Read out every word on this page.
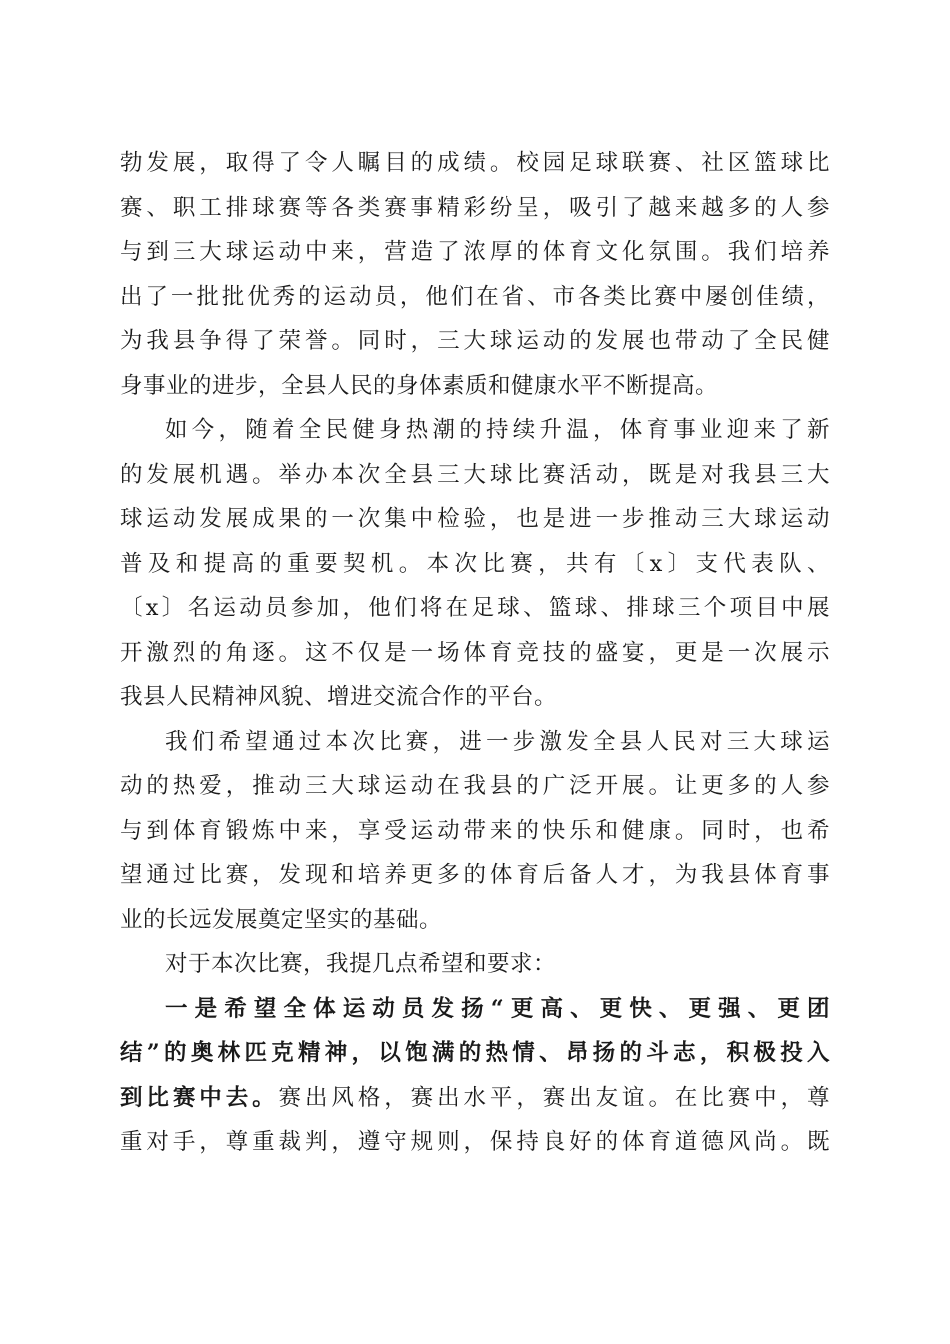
勃发展，取得了令人瞩目的成绩。校园足球联赛、社区篮球比
赛、职工排球赛等各类赛事精彩纷呈，吸引了越来越多的人参
与到三大球运动中来，营造了浓厚的体育文化氛围。我们培养
出了一批批优秀的运动员，他们在省、市各类比赛中屡创佳绩，
为我县争得了荣誉。同时，三大球运动的发展也带动了全民健
身事业的进步，全县人民的身体素质和健康水平不断提高。
如今，随着全民健身热潮的持续升温，体育事业迎来了新
的发展机遇。举办本次全县三大球比赛活动，既是对我县三大
球运动发展成果的一次集中检验，也是进一步推动三大球运动
普及和提高的重要契机。本次比赛，共有〔x〕支代表队、
〔x〕名运动员参加，他们将在足球、篮球、排球三个项目中展
开激烈的角逐。这不仅是一场体育竞技的盛宴，更是一次展示
我县人民精神风貌、增进交流合作的平台。
我们希望通过本次比赛，进一步激发全县人民对三大球运
动的热爱，推动三大球运动在我县的广泛开展。让更多的人参
与到体育锻炼中来，享受运动带来的快乐和健康。同时，也希
望通过比赛，发现和培养更多的体育后备人才，为我县体育事
业的长远发展奠定坚实的基础。
对于本次比赛，我提几点希望和要求：
一是希望全体运动员发扬“更高、更快、更强、更团
结”的奥林匹克精神，以饱满的热情、昂扬的斗志，积极投入
到比赛中去。赛出风格，赛出水平，赛出友谊。在比赛中，尊
重对手，尊重裁判，遵守规则，保持良好的体育道德风尚。既
